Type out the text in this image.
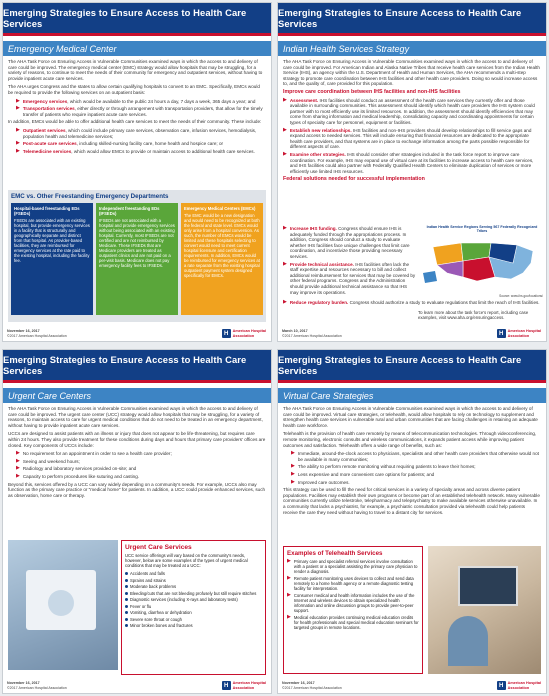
Emerging Strategies to Ensure Access to Health Care Services
Emergency Medical Center

The AHA Task Force on Ensuring Access in Vulnerable Communities examined ways in which the access to and delivery of care could be improved. The emergency medical center (EMC) strategy would allow hospitals that may be struggling, for a variety of reasons, to continue to meet the needs of their community for emergency and outpatient services, without having to provide inpatient acute care services.

The AHA urges Congress and the states to allow certain qualifying hospitals to convert to an EMC. Specifically, EMCs would be required to provide the following services on an outpatient basis:

▶ Emergency services, which would be available to the public 24 hours a day, 7 days a week, 365 days a year; and
▶ Transportation services, either directly or through arrangement with transportation providers, that allow for the timely transfer of patients who require inpatient acute care services.

In addition, EMCs would be able to offer additional health care services to meet the needs of their community. These include:

▶ Outpatient services, which could include primary care services, observation care, infusion services, hemodialysis, population health and telemedicine services;
▶ Post-acute care services, including skilled-nursing facility care, home health and hospice care; or
▶ Telemedicine services, which would allow EMCs to provide or maintain access to additional health care services.
EMC vs. Other Freestanding Emergency Departments
Hospital-based freestanding EDs (FSEDs)
FSEDs are associated with an existing hospital, but provide emergency services in a facility that is structurally and geographically separate and distinct from that hospital. As provider-based facilities, they are reimbursed for emergency services at the rate paid to the existing hospital, including the facility fee.
Independent freestanding EDs (IFSEDs)
IFSEDs are not associated with a hospital and provide emergency services without being associated with an existing hospital. Currently, most IFSEDs are not certified and are not reimbursed by Medicare. These IFSEDs that are Medicare providers are treated as outpatient clinics and are not paid on a per-visit basis. Medicare does not pay emergency facility fees to IFSEDs.
Emergency Medical Centers (EMCs)
The EMC would be a new designation and would need to be recognized at both the federal and state level. EMCs would only arise from a hospital conversion. As such, the number of EMCs would be limited and these hospitals selecting to convert would need to meet current hospital licensure and certification requirements. In addition, EMCs would be reimbursed for emergency services at a rate separate from the existing hospital outpatient payment system designed specifically for EMCs.
November 16, 2017
©2017 American Hospital Association	H	American Hospital
Association
Emerging Strategies to Ensure Access to Health Care Services
Indian Health Services Strategy

The AHA Task Force on Ensuring Access in Vulnerable Communities examined ways in which the access to and delivery of care could be improved. For American Indian and Alaska Native Tribes that receive health care services from the Indian Health Service (IHS), an agency within the U.S. Department of Health and Human Services, the AHA recommends a multi-step strategy to promote care coordination between IHS facilities and other health care providers. Doing so would increase access to, and the quality of, care provided for this population.

Improve care coordination between IHS facilities and non-IHS facilities
▶ Assessment. IHS facilities should conduct an assessment of the health care services they currently offer and those available in surrounding communities. This assessment should identify which health care providers the IHS system could partner with to most efficiently use its limited resources. In addition, the assessment should identify efficiencies that may come from sharing information and medical leadership, consolidating capacity and coordinating appointments for certain types of specialty care for personnel, equipment or facilities.
▶ Establish new relationships. IHS facilities and non-IHS providers should develop relationships to fill service gaps and expand access to needed services. This will include ensuring that financial resources are dedicated to the appropriate health care providers, and that systems are in place to exchange information among the parts possible responsible for different aspects of care.
▶ Examine other strategies. IHS should consider other strategies included in the task force report to improve care coordination. For example, IHS may expand use of virtual care at its facilities to increase access to health care services, and IHS facilities could also partner with Federally Qualified Health Centers to eliminate duplication of services or more efficiently use limited IHS resources.
Federal solutions needed for successful implementation
▶ Increase IHS funding. Congress should ensure IHS is adequately funded through the appropriations process. In addition, Congress should conduct a study to evaluate whether IHS facilities face unique challenges that limit care coordination, and incentivize those providing necessary services.
▶ Provide technical assistance. IHS facilities often lack the staff expertise and resources necessary to bill and collect additional reimbursement for services that may be covered by other federal programs. Congress and the Administration should provide additional technical assistance so that IHS may improve its operations.
▶ Reduce regulatory burden. Congress should authorize a study to evaluate regulations that limit the reach of IHS facilities.
Indian Health Service Regions Serving 567 Federally Recognized Tribes
Source: www.ihs.gov/locations/
To learn more about the task force's report, including case examples, visit www.aha.org/ensuringaccess.
March 10, 2017
©2017 American Hospital Association	H	American Hospital
Association
Emerging Strategies to Ensure Access to Health Care Services
Urgent Care Centers

The AHA Task Force on Ensuring Access in Vulnerable Communities examined ways in which the access to and delivery of care could be improved. The urgent care center (UCC) strategy would allow hospitals that may be struggling, for a variety of reasons, to maintain access to care for urgent medical conditions that do not need to be treated in an emergency department, without having to provide inpatient acute care services.

UCCs are designed to assist patients with an illness or injury that does not appear to be life-threatening, but requires care within 24 hours. They also provide treatment for these conditions during days and hours that primary care providers' offices are closed. Key components of UCCs include:

▶ No requirement for an appointment in order to see a health care provider;
▶ Seeing and weekend hours;
▶ Radiology and laboratory services provided on-site; and
▶ Capacity to perform procedures like suturing and casting.

Beyond this, services offered by a UCC can vary widely depending on a community's needs. For example, UCCs also may function as the primary care practice or "medical home" for patients. In addition, a UCC could provide enhanced services, such as observation, home care or therapy.

Urgent Care Services
UCC service offerings will vary based on the community's needs, however, below are some examples of the types of urgent medical conditions that may be treated at a UCC:
Accidents and falls
Sprains and strains
Moderate back problems
Bleeding/cuts that are not bleeding profusely but still require stitches
Diagnostic services (including X-rays and laboratory tests)
Fever or flu
Vomiting, diarrhea or dehydration
Severe sore throat or cough
Minor broken bones and fractures
November 16, 2017
©2017 American Hospital Association	H	American Hospital
Association
Emerging Strategies to Ensure Access to Health Care Services
Virtual Care Strategies

The AHA Task Force on Ensuring Access in Vulnerable Communities examined ways in which the access to and delivery of care could be improved. Virtual care strategies, or telehealth, would allow hospitals to rely on technology to supplement and strengthen health care services in vulnerable rural and urban communities that are facing challenges in retaining an adequate health care workforce.

Telehealth is the provision of health care remotely by means of telecommunication technologies. Through videoconferencing, remote monitoring, electronic consults and wireless communications, it expands patient access while improving patient outcomes and satisfaction. Telehealth offers a wide range of benefits, such as:

▶ Immediate, around-the-clock access to physicians, specialists and other health care providers that otherwise would not be available in many communities;
▶ The ability to perform remote monitoring without requiring patients to leave their homes;
▶ Less expensive and more convenient care options for patients; and
▶ Improved care outcomes.

This strategy can be used to fill the need for critical services in a variety of specialty areas and across diverse patient populations. Facilities may establish their own programs or become part of an established telehealth network. Many vulnerable communities currently utilize telestroke, telepharmacy and telepsychiatry to make available services otherwise unavailable. In a community that lacks a psychiatrist, for example, a psychiatric consultation provided via telehealth could help patients receive the care they need without having to travel to a distant city for services.

Examples of Telehealth Services
▶ Primary care and specialist referral services involve consultation with a patient or a specialist assisting the primary care physician to render a diagnosis.
▶ Remote patient monitoring uses devices to collect and send data remotely to a home health agency or a remote diagnostic testing facility for interpretation.
▶ Consumer medical and health information includes the use of the Internet and wireless devices to obtain specialized health information and online discussion groups to provide peer-to-peer support.
▶ Medical education provides continuing medical education credits for health professionals and special medical education seminars for targeted groups in remote locations.
November 16, 2017
©2017 American Hospital Association	H	American Hospital
Association
